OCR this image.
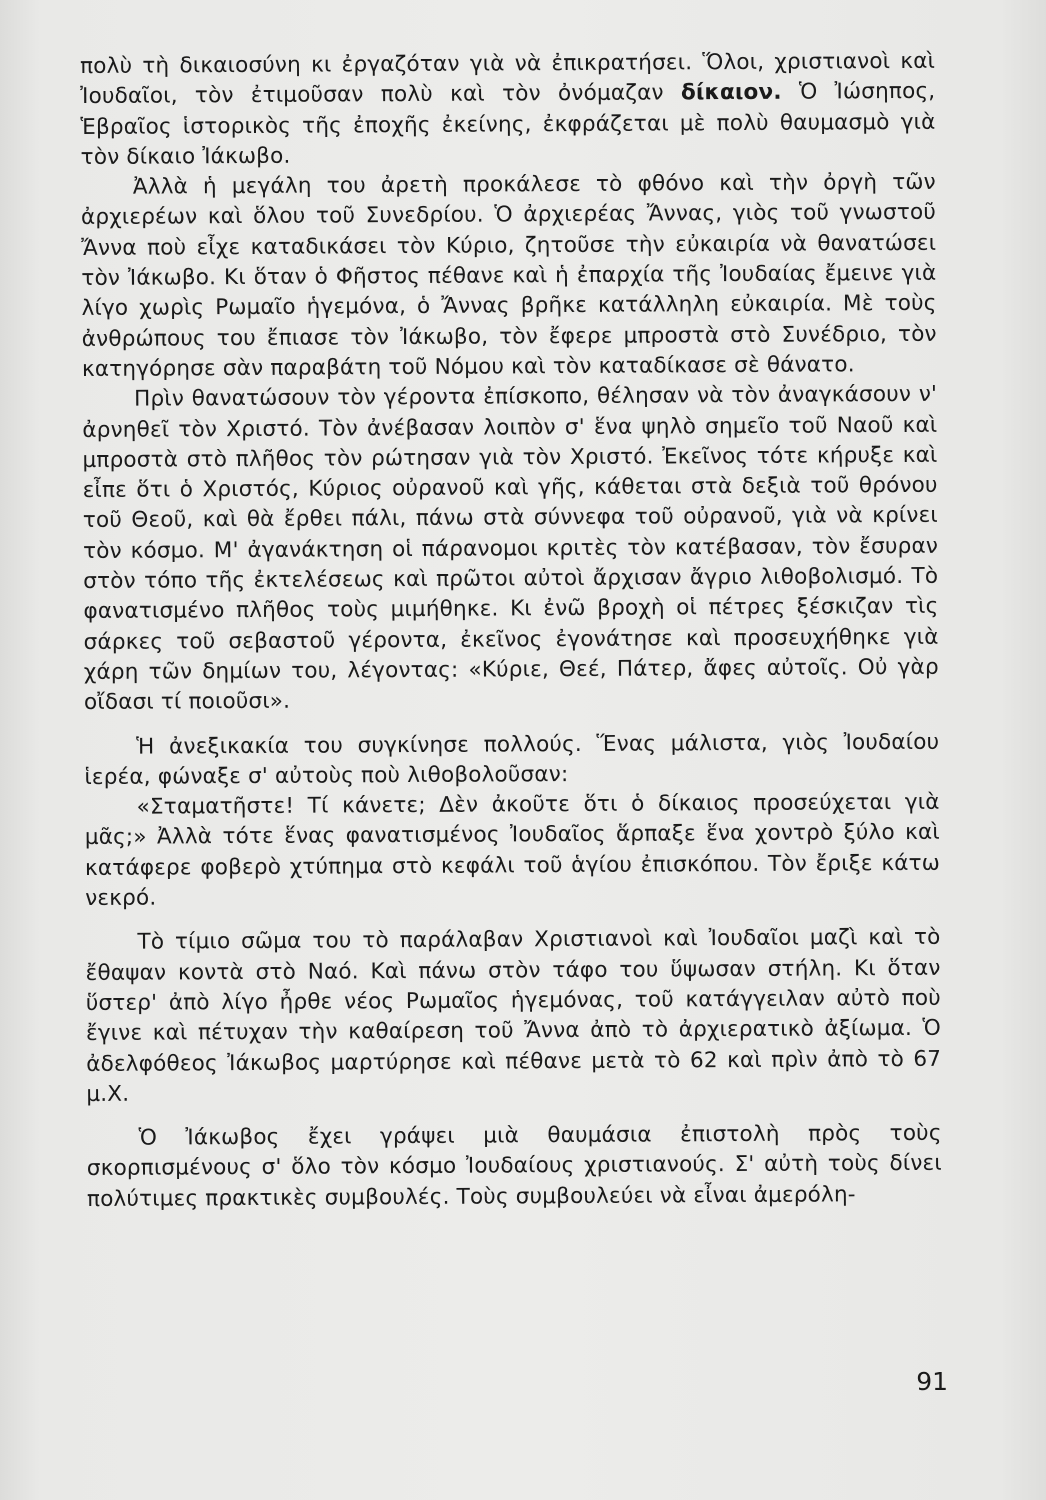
πολὺ τὴ δικαιοσύνη κι ἐργαζόταν γιὰ νὰ ἐπικρατήσει. Ὅλοι, χριστιανοὶ καὶ Ἰουδαῖοι, τὸν ἐτιμοῦσαν πολὺ καὶ τὸν ὀνόμαζαν δίκαιον. Ὁ Ἰώσηπος, Ἑβραῖος ἱστορικὸς τῆς ἐποχῆς ἐκείνης, ἐκφράζεται μὲ πολὺ θαυμασμὸ γιὰ τὸν δίκαιο Ἰάκωβο.

Ἀλλὰ ἡ μεγάλη του ἀρετὴ προκάλεσε τὸ φθόνο καὶ τὴν ὀργὴ τῶν ἀρχιερέων καὶ ὅλου τοῦ Συνεδρίου. Ὁ ἀρχιερέας Ἄννας, γιὸς τοῦ γνωστοῦ Ἄννα ποὺ εἶχε καταδικάσει τὸν Κύριο, ζητοῦσε τὴν εὐκαιρία νὰ θανατώσει τὸν Ἰάκωβο. Κι ὅταν ὁ Φῆστος πέθανε καὶ ἡ ἐπαρχία τῆς Ἰουδαίας ἔμεινε γιὰ λίγο χωρὶς Ρωμαῖο ἡγεμόνα, ὁ Ἄννας βρῆκε κατάλληλη εὐκαιρία. Μὲ τοὺς ἀνθρώπους του ἔπιασε τὸν Ἰάκωβο, τὸν ἔφερε μπροστὰ στὸ Συνέδριο, τὸν κατηγόρησε σὰν παραβάτη τοῦ Νόμου καὶ τὸν καταδίκασε σὲ θάνατο.

Πρὶν θανατώσουν τὸν γέροντα ἐπίσκοπο, θέλησαν νὰ τὸν ἀναγκάσουν ν' ἀρνηθεῖ τὸν Χριστό. Τὸν ἀνέβασαν λοιπὸν σ' ἕνα ψηλὸ σημεῖο τοῦ Ναοῦ καὶ μπροστὰ στὸ πλῆθος τὸν ρώτησαν γιὰ τὸν Χριστό. Ἐκεῖνος τότε κήρυξε καὶ εἶπε ὅτι ὁ Χριστός, Κύριος οὐρανοῦ καὶ γῆς, κάθεται στὰ δεξιὰ τοῦ θρόνου τοῦ Θεοῦ, καὶ θὰ ἔρθει πάλι, πάνω στὰ σύννεφα τοῦ οὐρανοῦ, γιὰ νὰ κρίνει τὸν κόσμο. Μ' ἀγανάκτηση οἱ πάρανομοι κριτὲς τὸν κατέβασαν, τὸν ἔσυραν στὸν τόπο τῆς ἐκτελέσεως καὶ πρῶτοι αὐτοὶ ἄρχισαν ἄγριο λιθοβολισμό. Τὸ φανατισμένο πλῆθος τοὺς μιμήθηκε. Κι ἐνῶ βροχὴ οἱ πέτρες ξέσκιζαν τὶς σάρκες τοῦ σεβαστοῦ γέροντα, ἐκεῖνος ἐγονάτησε καὶ προσευχήθηκε γιὰ χάρη τῶν δημίων του, λέγοντας: «Κύριε, Θεέ, Πάτερ, ἄφες αὐτοῖς. Οὐ γὰρ οἴδασι τί ποιοῦσι».

Ἡ ἀνεξικακία του συγκίνησε πολλούς. Ἕνας μάλιστα, γιὸς Ἰουδαίου ἱερέα, φώναξε σ' αὐτοὺς ποὺ λιθοβολοῦσαν:

«Σταματῆστε! Τί κάνετε; Δὲν ἀκοῦτε ὅτι ὁ δίκαιος προσεύχεται γιὰ μᾶς;» Ἀλλὰ τότε ἕνας φανατισμένος Ἰουδαῖος ἅρπαξε ἕνα χοντρὸ ξύλο καὶ κατάφερε φοβερὸ χτύπημα στὸ κεφάλι τοῦ ἁγίου ἐπισκόπου. Τὸν ἔριξε κάτω νεκρό.

Τὸ τίμιο σῶμα του τὸ παράλαβαν Χριστιανοὶ καὶ Ἰουδαῖοι μαζὶ καὶ τὸ ἔθαψαν κοντὰ στὸ Ναό. Καὶ πάνω στὸν τάφο του ὕψωσαν στήλη. Κι ὅταν ὕστερ' ἀπὸ λίγο ἦρθε νέος Ρωμαῖος ἡγεμόνας, τοῦ κατάγγειλαν αὐτὸ ποὺ ἔγινε καὶ πέτυχαν τὴν καθαίρεση τοῦ Ἄννα ἀπὸ τὸ ἀρχιερατικὸ ἀξίωμα. Ὁ ἀδελφόθεος Ἰάκωβος μαρτύρησε καὶ πέθανε μετὰ τὸ 62 καὶ πρὶν ἀπὸ τὸ 67 μ.Χ.

Ὁ Ἰάκωβος ἔχει γράψει μιὰ θαυμάσια ἐπιστολὴ πρὸς τοὺς σκορπισμένους σ' ὅλο τὸν κόσμο Ἰουδαίους χριστιανούς. Σ' αὐτὴ τοὺς δίνει πολύτιμες πρακτικὲς συμβουλές. Τοὺς συμβουλεύει νὰ εἶναι ἀμερόλη-

91
